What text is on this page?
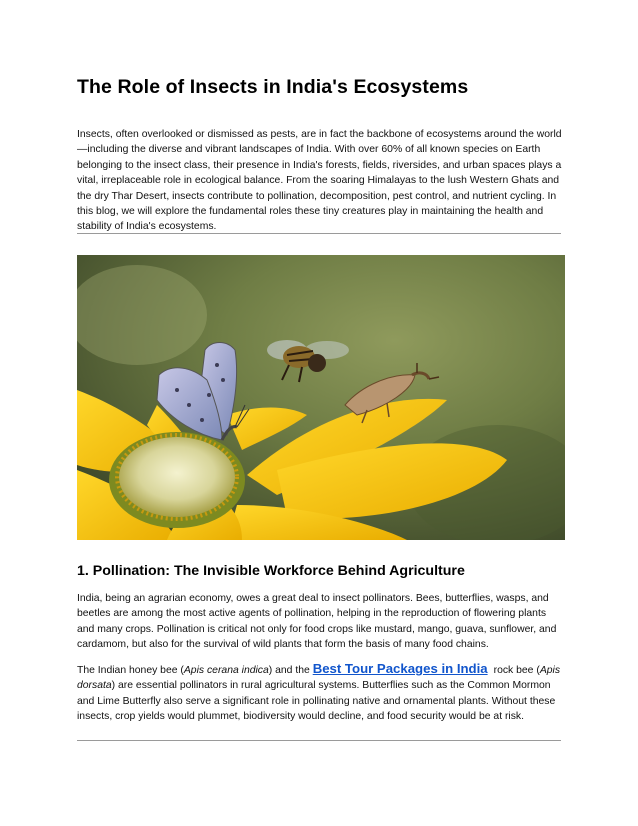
The Role of Insects in India's Ecosystems

Insects, often overlooked or dismissed as pests, are in fact the backbone of ecosystems around the world—including the diverse and vibrant landscapes of India. With over 60% of all known species on Earth belonging to the insect class, their presence in India's forests, fields, riversides, and urban spaces plays a vital, irreplaceable role in ecological balance. From the soaring Himalayas to the lush Western Ghats and the dry Thar Desert, insects contribute to pollination, decomposition, pest control, and nutrient cycling. In this blog, we will explore the fundamental roles these tiny creatures play in maintaining the health and stability of India's ecosystems.

1. Pollination: The Invisible Workforce Behind Agriculture

India, being an agrarian economy, owes a great deal to insect pollinators. Bees, butterflies, wasps, and beetles are among the most active agents of pollination, helping in the reproduction of flowering plants and many crops. Pollination is critical not only for food crops like mustard, mango, guava, sunflower, and cardamom, but also for the survival of wild plants that form the basis of many food chains.

The Indian honey bee (Apis cerana indica) and the Best Tour Packages in India rock bee (Apis dorsata) are essential pollinators in rural agricultural systems. Butterflies such as the Common Mormon and Lime Butterfly also serve a significant role in pollinating native and ornamental plants. Without these insects, crop yields would plummet, biodiversity would decline, and food security would be at risk.
